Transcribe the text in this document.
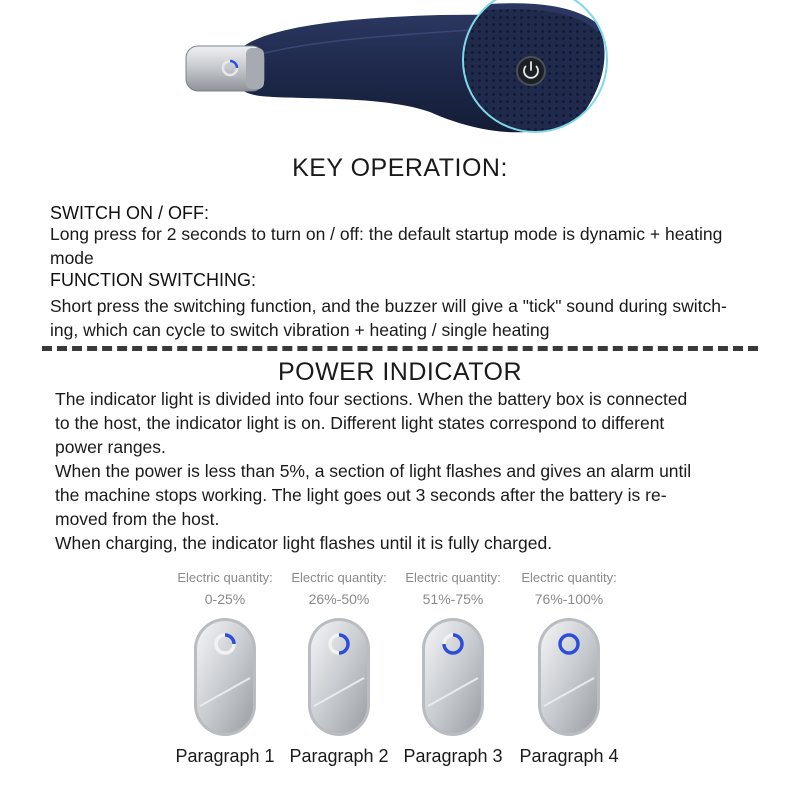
KEY OPERATION:
SWITCH ON / OFF:

Long press for 2 seconds to turn on / off: the default startup mode is dynamic + heating
mode

FUNCTION SWITCHING:

Short press the switching function, and the buzzer will give a "tick" sound during switch-
ing, which can cycle to switch vibration + heating / single heating

POWER INDICATOR

The indicator light is divided into four sections. When the battery box is connected
to the host, the indicator light is on. Different light states correspond to different
power ranges.

When the power is less than 5%, a section of light flashes and gives an alarm until
the machine stops working. The light goes out 3 seconds after the battery is re-
moved from the host.

When charging, the indicator light flashes until it is fully charged.

Electric quantity:
0-25%
Paragraph 1
Electric quantity:
26%-50%
Paragraph 2
Electric quantity:
51%-75%
Paragraph 3
Electric quantity:
76%-100%
Paragraph 4
